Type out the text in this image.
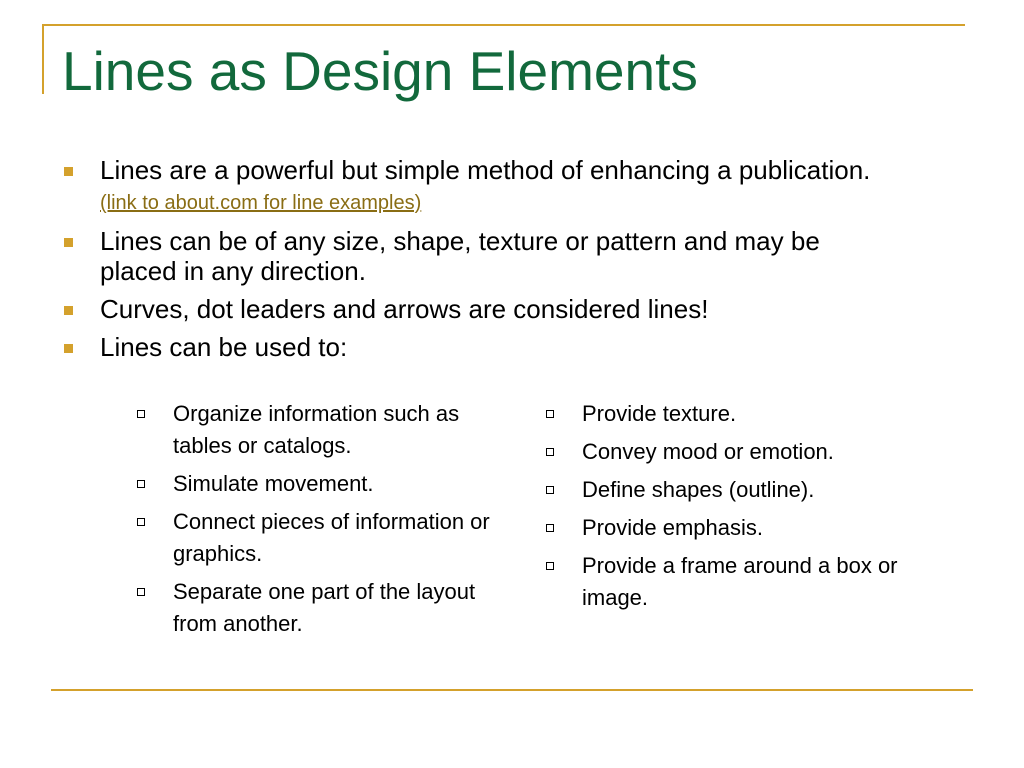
Lines as Design Elements
Lines are a powerful but simple method of enhancing a publication. (link to about.com for line examples)
Lines can be of any size, shape, texture or pattern and may be placed in any direction.
Curves, dot leaders and arrows are considered lines!
Lines can be used to:
Organize information such as tables or catalogs.
Simulate movement.
Connect pieces of information or graphics.
Separate one part of the layout from another.
Provide texture.
Convey mood or emotion.
Define shapes (outline).
Provide emphasis.
Provide a frame around a box or image.
